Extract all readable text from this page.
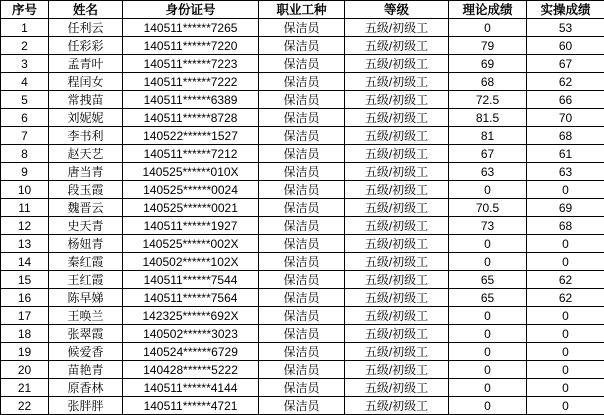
序号	姓名	身份证号	职业工种	等级	理论成绩	实操成绩
1	任利云	140511******7265	保洁员	五级/初级工	0	53
2	任彩彩	140511******7220	保洁员	五级/初级工	79	60
3	孟青叶	140511******7223	保洁员	五级/初级工	69	67
4	程闰女	140511******7222	保洁员	五级/初级工	68	62
5	常拽苗	140511******6389	保洁员	五级/初级工	72.5	66
6	刘妮妮	140511******8728	保洁员	五级/初级工	81.5	70
7	李书利	140522******1527	保洁员	五级/初级工	81	68
8	赵天艺	140511******7212	保洁员	五级/初级工	67	61
9	唐当青	140525******010X	保洁员	五级/初级工	63	63
10	段玉霞	140525******0024	保洁员	五级/初级工	0	0
11	魏晋云	140525******0021	保洁员	五级/初级工	70.5	69
12	史天青	140511******1927	保洁员	五级/初级工	73	68
13	杨妞青	140525******002X	保洁员	五级/初级工	0	0
14	秦红霞	140502******102X	保洁员	五级/初级工	0	0
15	王红霞	140511******7544	保洁员	五级/初级工	65	62
16	陈早娣	140511******7564	保洁员	五级/初级工	65	62
17	王唤兰	142325******692X	保洁员	五级/初级工	0	0
18	张翠霞	140502******3023	保洁员	五级/初级工	0	0
19	候爱香	140524******6729	保洁员	五级/初级工	0	0
20	苗艳青	140428******5222	保洁员	五级/初级工	0	0
21	原香林	140511******4144	保洁员	五级/初级工	0	0
22	张胖胖	140511******4721	保洁员	五级/初级工	0	0
